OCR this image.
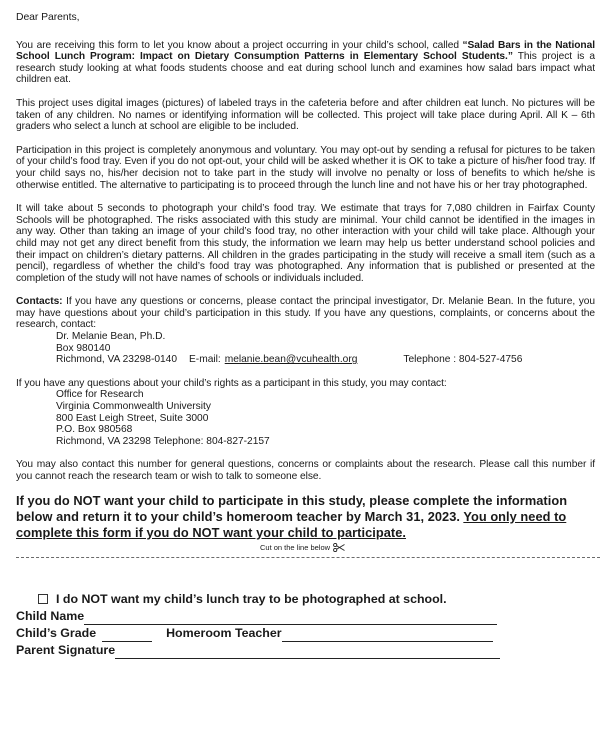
Dear Parents,
You are receiving this form to let you know about a project occurring in your child’s school, called “Salad Bars in the National School Lunch Program: Impact on Dietary Consumption Patterns in Elementary School Students.” This project is a research study looking at what foods students choose and eat during school lunch and examines how salad bars impact what children eat.
This project uses digital images (pictures) of labeled trays in the cafeteria before and after children eat lunch. No pictures will be taken of any children. No names or identifying information will be collected. This project will take place during April. All K – 6th graders who select a lunch at school are eligible to be included.
Participation in this project is completely anonymous and voluntary. You may opt-out by sending a refusal for pictures to be taken of your child’s food tray. Even if you do not opt-out, your child will be asked whether it is OK to take a picture of his/her food tray. If your child says no, his/her decision not to take part in the study will involve no penalty or loss of benefits to which he/she is otherwise entitled. The alternative to participating is to proceed through the lunch line and not have his or her tray photographed.
It will take about 5 seconds to photograph your child’s food tray. We estimate that trays for 7,080 children in Fairfax County Schools will be photographed. The risks associated with this study are minimal. Your child cannot be identified in the images in any way. Other than taking an image of your child’s food tray, no other interaction with your child will take place. Although your child may not get any direct benefit from this study, the information we learn may help us better understand school policies and their impact on children’s dietary patterns. All children in the grades participating in the study will receive a small item (such as a pencil), regardless of whether the child’s food tray was photographed. Any information that is published or presented at the completion of the study will not have names of schools or individuals included.
Contacts: If you have any questions or concerns, please contact the principal investigator, Dr. Melanie Bean. In the future, you may have questions about your child’s participation in this study. If you have any questions, complaints, or concerns about the research, contact:
Dr. Melanie Bean, Ph.D.
Box 980140
Richmond, VA 23298-0140 E-mail: melanie.bean@vcuhealth.org	Telephone : 804-527-4756
If you have any questions about your child’s rights as a participant in this study, you may contact:
Office for Research
Virginia Commonwealth University
800 East Leigh Street, Suite 3000
P.O. Box 980568
Richmond, VA 23298 Telephone: 804-827-2157
You may also contact this number for general questions, concerns or complaints about the research. Please call this number if you cannot reach the research team or wish to talk to someone else.
If you do NOT want your child to participate in this study, please complete the information below and return it to your child’s homeroom teacher by March 31, 2023. You only need to complete this form if you do NOT want your child to participate.
Cut on the line below
I do NOT want my child’s lunch tray to be photographed at school.
Child Name
Child’s Grade	Homeroom Teacher
Parent Signature
